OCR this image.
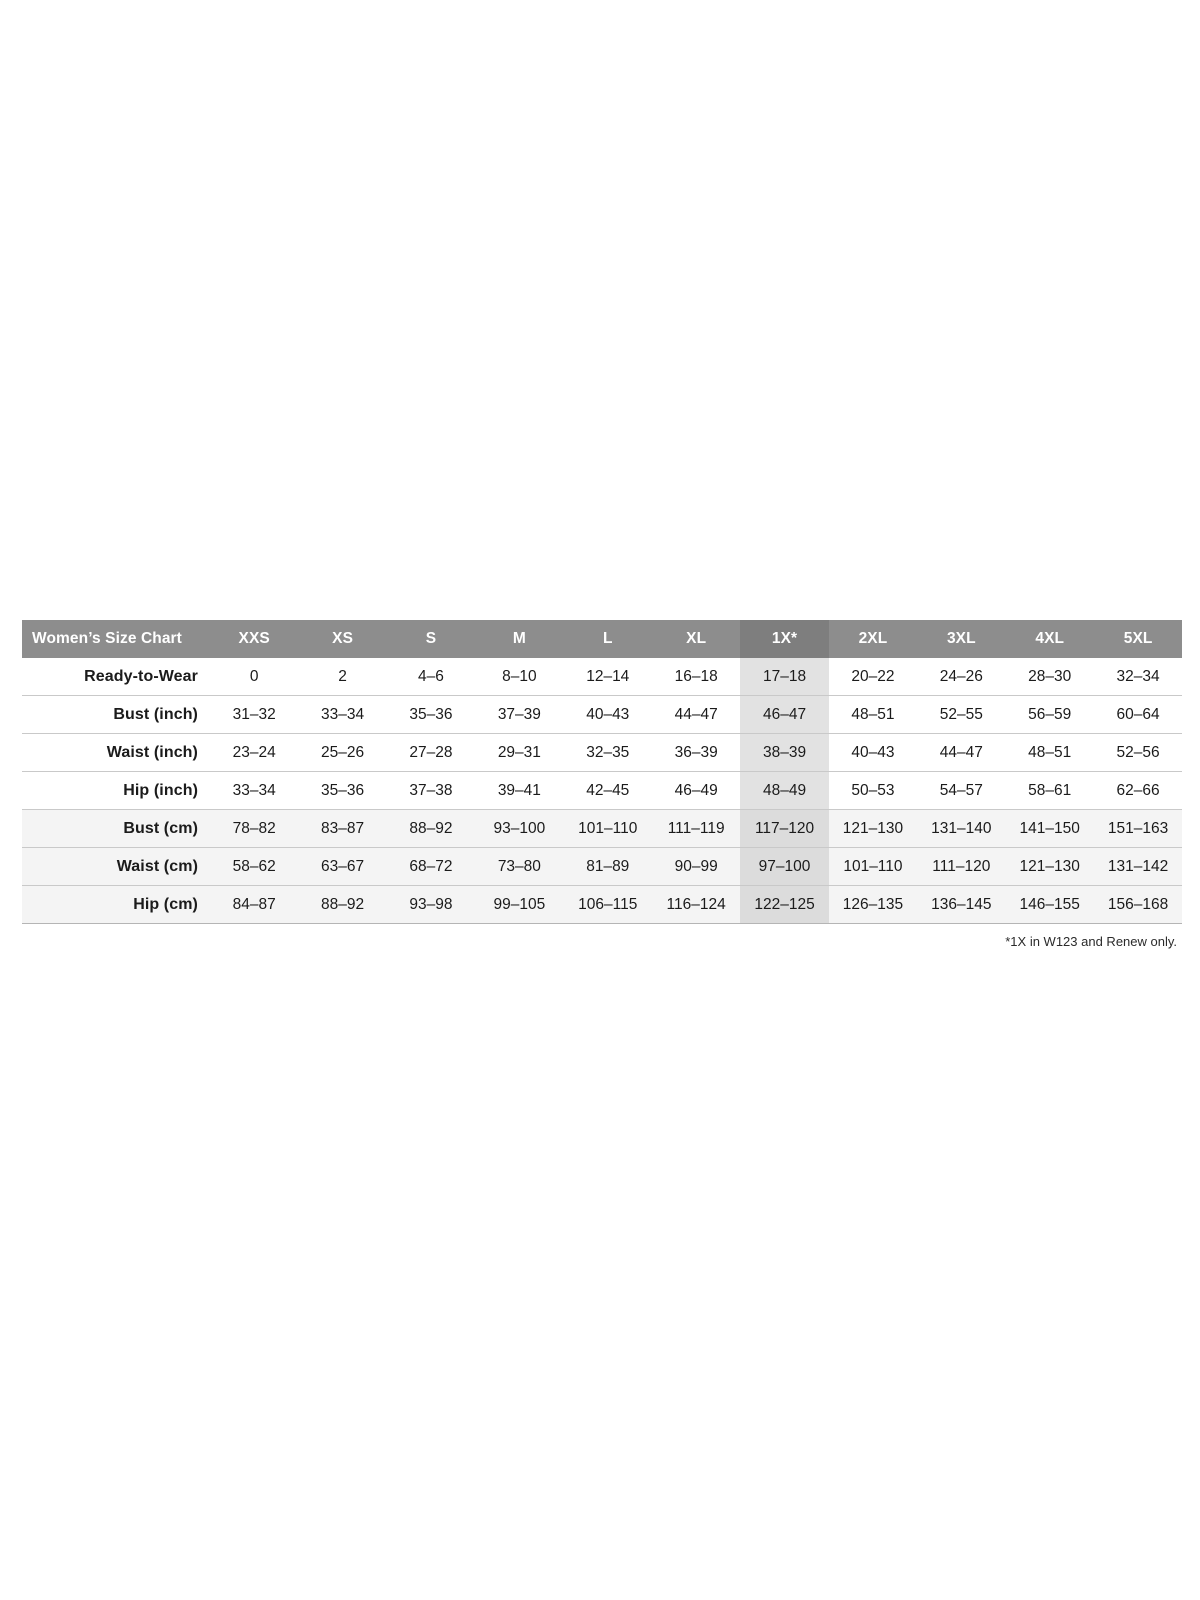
Women’s Size Chart	XXS	XS	S	M	L	XL	1X*	2XL	3XL	4XL	5XL
Ready-to-Wear	0	2	4–6	8–10	12–14	16–18	17–18	20–22	24–26	28–30	32–34
Bust (inch)	31–32	33–34	35–36	37–39	40–43	44–47	46–47	48–51	52–55	56–59	60–64
Waist (inch)	23–24	25–26	27–28	29–31	32–35	36–39	38–39	40–43	44–47	48–51	52–56
Hip (inch)	33–34	35–36	37–38	39–41	42–45	46–49	48–49	50–53	54–57	58–61	62–66
Bust (cm)	78–82	83–87	88–92	93–100	101–110	111–119	117–120	121–130	131–140	141–150	151–163
Waist (cm)	58–62	63–67	68–72	73–80	81–89	90–99	97–100	101–110	111–120	121–130	131–142
Hip (cm)	84–87	88–92	93–98	99–105	106–115	116–124	122–125	126–135	136–145	146–155	156–168
*1X in W123 and Renew only.
